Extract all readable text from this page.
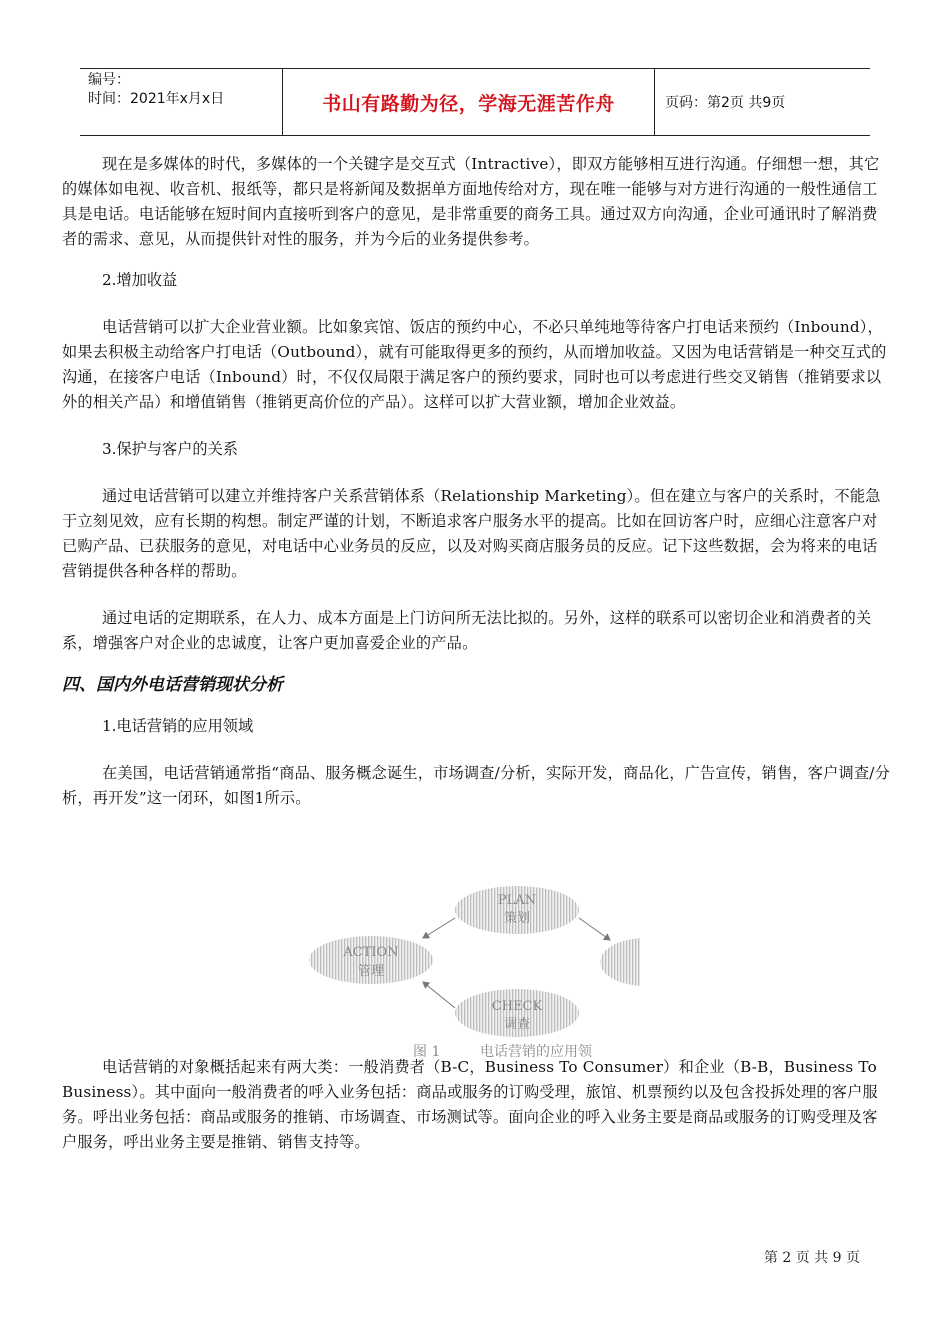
编号：
时间：2021年x月x日	书山有路勤为径，学海无涯苦作舟	页码：第2页 共9页

现在是多媒体的时代，多媒体的一个关键字是交互式（Intractive），即双方能够相互进行沟通。仔细想一想，其它的媒体如电视、收音机、报纸等，都只是将新闻及数据单方面地传给对方，现在唯一能够与对方进行沟通的一般性通信工具是电话。电话能够在短时间内直接听到客户的意见，是非常重要的商务工具。通过双方向沟通，企业可通讯时了解消费者的需求、意见，从而提供针对性的服务，并为今后的业务提供参考。

2.增加收益

电话营销可以扩大企业营业额。比如象宾馆、饭店的预约中心，不必只单纯地等待客户打电话来预约（Inbound），如果去积极主动给客户打电话（Outbound），就有可能取得更多的预约，从而增加收益。又因为电话营销是一种交互式的沟通，在接客户电话（Inbound）时，不仅仅局限于满足客户的预约要求，同时也可以考虑进行些交叉销售（推销要求以外的相关产品）和增值销售（推销更高价位的产品）。这样可以扩大营业额，增加企业效益。

3.保护与客户的关系

通过电话营销可以建立并维持客户关系营销体系（Relationship Marketing）。但在建立与客户的关系时，不能急于立刻见效，应有长期的构想。制定严谨的计划，不断追求客户服务水平的提高。比如在回访客户时，应细心注意客户对已购产品、已获服务的意见，对电话中心业务员的反应，以及对购买商店服务员的反应。记下这些数据，会为将来的电话营销提供各种各样的帮助。

通过电话的定期联系，在人力、成本方面是上门访问所无法比拟的。另外，这样的联系可以密切企业和消费者的关系，增强客户对企业的忠诚度，让客户更加喜爱企业的产品。

四、国内外电话营销现状分析

1.电话营销的应用领域

在美国，电话营销通常指“商品、服务概念诞生，市场调查/分析，实际开发，商品化，广告宣传，销售，客户调查/分析，再开发”这一闭环，如图1所示。

电话营销的对象概括起来有两大类：一般消费者（B-C，Business To Consumer）和企业（B-B，Business To Business）。其中面向一般消费者的呼入业务包括：商品或服务的订购受理，旅馆、机票预约以及包含投拆处理的客户服务。呼出业务包括：商品或服务的推销、市场调查、市场测试等。面向企业的呼入业务主要是商品或服务的订购受理及客户服务，呼出业务主要是推销、销售支持等。

PLAN
策划
ACTION
管理
CHECK
调查
图 1	电话营销的应用领
第 2 页 共 9 页
